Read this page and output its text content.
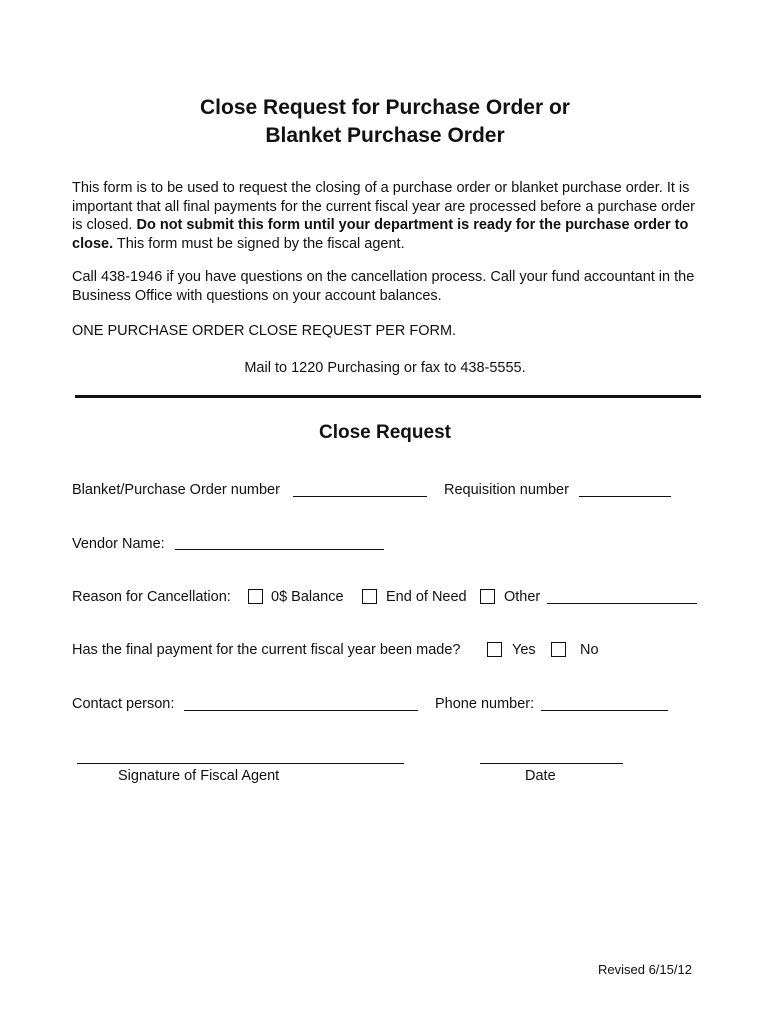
Close Request for Purchase Order or
Blanket Purchase Order
This form is to be used to request the closing of a purchase order or blanket purchase order. It is important that all final payments for the current fiscal year are processed before a purchase order is closed. Do not submit this form until your department is ready for the purchase order to close. This form must be signed by the fiscal agent.
Call 438-1946 if you have questions on the cancellation process. Call your fund accountant in the Business Office with questions on your account balances.
ONE PURCHASE ORDER CLOSE REQUEST PER FORM.
Mail to 1220 Purchasing or fax to 438-5555.
Close Request
Blanket/Purchase Order number	Requisition number
Vendor Name:
Reason for Cancellation:	0$ Balance	End of Need	Other
Has the final payment for the current fiscal year been made?	Yes	No
Contact person:	Phone number:
Signature of Fiscal Agent	Date
Revised 6/15/12
